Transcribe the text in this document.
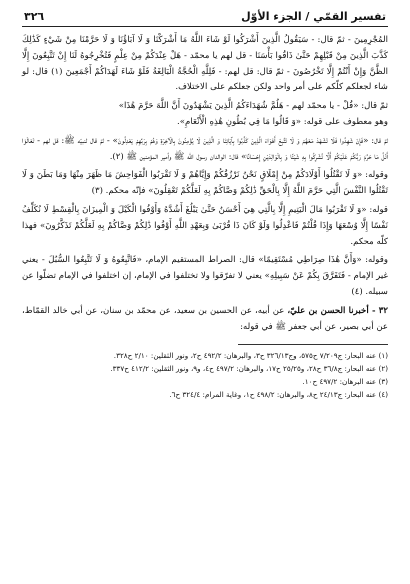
٣٢٦	تفسير القمّي / الجزء الأوّل

المُجْرِمِينَ - ثمّ قال: - سَيَقُولُ الَّذِينَ أَشْرَكُوا لَوْ شَاءَ اللَّهُ مَا أَشْرَكْنَا وَ لَا آبَاؤُنَا وَ لَا حَرَّمْنَا مِنْ شَيْءٍ كَذَٰلِكَ كَذَّبَ الَّذِينَ مِنْ قَبْلِهِمْ حَتَّىٰ ذَاقُوا بَأْسَنَا - قل لهم يا محمّد - هَلْ عِنْدَكُمْ مِنْ عِلْمٍ فَتُخْرِجُوهُ لَنَا إِنْ تَتَّبِعُونَ إِلَّا الظَّنَّ وَإِنْ أَنْتُمْ إِلَّا تَخْرُصُونَ - ثمّ قال: قل لهم: - فَلِلَّهِ الْحُجَّةُ الْبَالِغَةُ فَلَوْ شَاءَ لَهَدَاكُمْ أَجْمَعِينَ (١) قال: لو شاء لجعلكم كلّكم على أمر واحد ولكن جعلكم على الاختلاف.

ثمّ قال: «قُلْ - يا محمّد لهم - هَلُمَّ شُهَدَاءَكُمُ الَّذِينَ يَشْهَدُونَ أَنَّ اللَّهَ حَرَّمَ هَٰذَا»

وهو معطوف على قوله: «وَ قَالُوا مَا فِي بُطُونِ هَٰذِهِ الْأَنْعَامِ».

ثمّ قال: «فَإِنْ شَهِدُوا فَلَا تَشْهَدْ مَعَهُمْ وَ لَا تَتَّبِعْ أَهْوَاءَ الَّذِينَ كَذَّبُوا بِآيَاتِنَا وَ الَّذِينَ لَا يُؤْمِنُونَ بِالْآخِرَةِ وَهُمْ بِرَبِّهِمْ يَعْدِلُونَ» - ثمّ قال لنبيّه ﷺ: قل لهم - تَعَالَوْا أَتْلُ مَا حَرَّمَ رَبُّكُمْ عَلَيْكُمْ أَلَّا تُشْرِكُوا بِهِ شَيْئًا وَ بِالْوَالِدَيْنِ إِحْسَانًا» قال: الوالدان رسول الله ﷺ وأمير المؤمنين ﷺ (٢).

وقوله: «وَ لَا تَقْتُلُوا أَوْلَادَكُمْ مِنْ إِمْلَاقٍ نَحْنُ نَرْزُقُكُمْ وَإِيَّاهُمْ وَ لَا تَقْرَبُوا الْفَوَاحِشَ مَا ظَهَرَ مِنْهَا وَمَا بَطَنَ وَ لَا تَقْتُلُوا النَّفْسَ الَّتِي حَرَّمَ اللَّهُ إِلَّا بِالْحَقِّ ذَٰلِكُمْ وَصَّاكُمْ بِهِ لَعَلَّكُمْ تَعْقِلُونَ» فإنّه محكم. (٣)

قوله: «وَ لَا تَقْرَبُوا مَالَ الْيَتِيمِ إِلَّا بِالَّتِي هِيَ أَحْسَنُ حَتَّىٰ يَبْلُغَ أَشُدَّهُ وَأَوْفُوا الْكَيْلَ وَ الْمِيزَانَ بِالْقِسْطِ لَا نُكَلِّفُ نَفْسًا إِلَّا وُسْعَهَا وَإِذَا قُلْتُمْ فَاعْدِلُوا وَلَوْ كَانَ ذَا قُرْبَىٰ وَبِعَهْدِ اللَّهِ أَوْفُوا ذَٰلِكُمْ وَصَّاكُمْ بِهِ لَعَلَّكُمْ تَذَكَّرُونَ» فهذا كلّه محكم.

وقوله: «وَأَنَّ هَٰذَا صِرَاطِي مُسْتَقِيمًا» قال: الصراط المستقيم الإمام، «فَاتَّبِعُوهُ وَ لَا تَتَّبِعُوا السُّبُلَ - يعني غير الإمام - فَتَفَرَّقَ بِكُمْ عَنْ سَبِيلِهِ» يعني لا تفرّقوا ولا تختلفوا في الإمام، إن اختلفوا في الإمام تضلّوا عن سبيله. (٤)

٣٢ - أخبرنا الحسن بن عليّ، عن أبيه، عن الحسين بن سعيد، عن محمّد بن سنان، عن أبي خالد القمّاط، عن أبي بصير، عن أبي جعفر ﷺ في قوله:

(١) عنه البحار: ج٧/٢٠٩ ح٥٧٥، وج٣٢٦/١٣ ح٣، والبرهان: ٤٩٢/٢ ح٢، ونور الثقلين: ٢/١٠ ح٣٢٨.

(٢) عنه البحار: ج٣٦/٨ ح٢٨، و٢٥/٢٥ ح١٧، والبرهان: ٤٩٧/٢ ح٤، و٩، ونور الثقلين: ٤١٢/٢ ح٣٣٧.

(٣) عنه البرهان: ٤٩٧/٢ ح١٠.

(٤) عنه البحار: ج٢٤/١٣ ح٨، والبرهان: ٤٩٨/٢ ح١، وغاية المرام: ٣٢٤/٤ ح٦.
